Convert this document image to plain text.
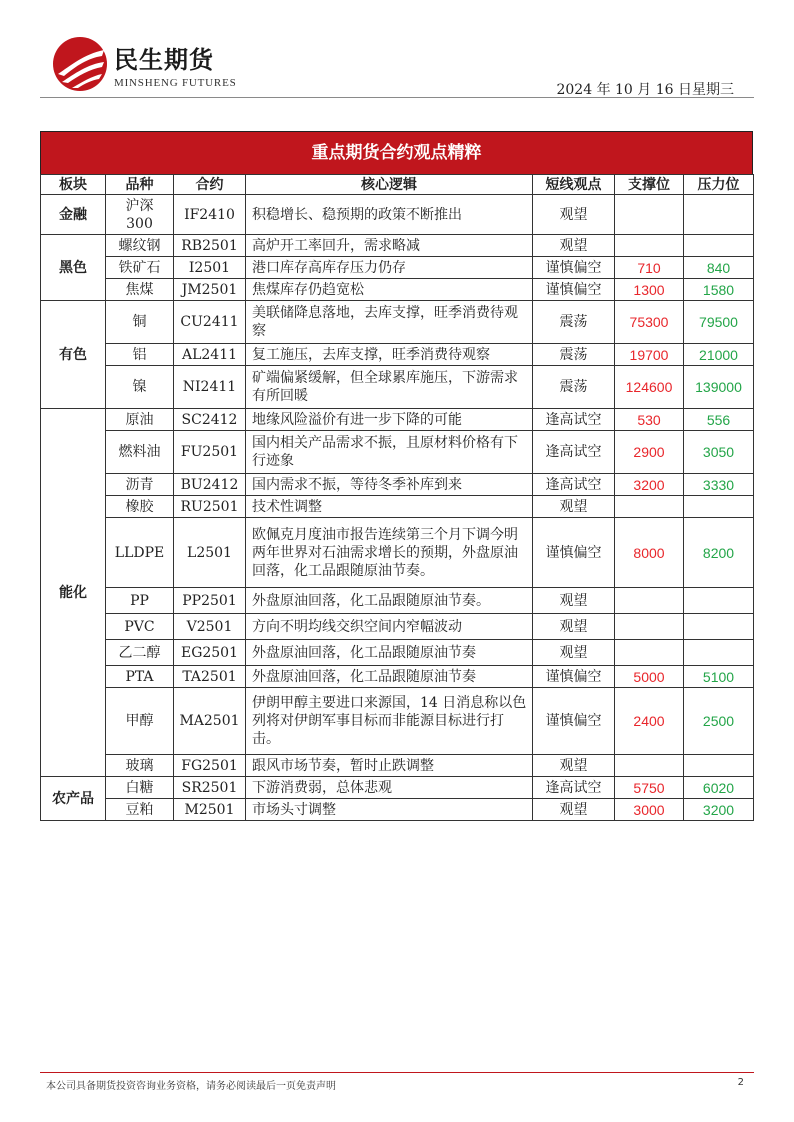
民生期货
MINSHENG FUTURES	2024 年 10 月 16 日星期三
重点期货合约观点精粹
板块	品种	合约	核心逻辑	短线观点	支撑位	压力位
金融	沪深 300	IF2410	积稳增长、稳预期的政策不断推出	观望		
黑色	螺纹钢	RB2501	高炉开工率回升，需求略减	观望		
	铁矿石	I2501	港口库存高库存压力仍存	谨慎偏空	710	840
	焦煤	JM2501	焦煤库存仍趋宽松	谨慎偏空	1300	1580
有色	铜	CU2411	美联储降息落地，去库支撑，旺季消费待观察	震荡	75300	79500
	铝	AL2411	复工施压，去库支撑，旺季消费待观察	震荡	19700	21000
	镍	NI2411	矿端偏紧缓解，但全球累库施压，下游需求有所回暖	震荡	124600	139000
能化	原油	SC2412	地缘风险溢价有进一步下降的可能	逢高试空	530	556
	燃料油	FU2501	国内相关产品需求不振，且原材料价格有下行迹象	逢高试空	2900	3050
	沥青	BU2412	国内需求不振，等待冬季补库到来	逢高试空	3200	3330
	橡胶	RU2501	技术性调整	观望		
	LLDPE	L2501	欧佩克月度油市报告连续第三个月下调今明两年世界对石油需求增长的预期，外盘原油回落，化工品跟随原油节奏。	谨慎偏空	8000	8200
	PP	PP2501	外盘原油回落，化工品跟随原油节奏。	观望		
	PVC	V2501	方向不明均线交织空间内窄幅波动	观望		
	乙二醇	EG2501	外盘原油回落，化工品跟随原油节奏	观望		
	PTA	TA2501	外盘原油回落，化工品跟随原油节奏	谨慎偏空	5000	5100
	甲醇	MA2501	伊朗甲醇主要进口来源国，14 日消息称以色列将对伊朗军事目标而非能源目标进行打击。	谨慎偏空	2400	2500
	玻璃	FG2501	跟风市场节奏，暂时止跌调整	观望		
农产品	白糖	SR2501	下游消费弱，总体悲观	逢高试空	5750	6020
	豆粕	M2501	市场头寸调整	观望	3000	3200
本公司具备期货投资咨询业务资格，请务必阅读最后一页免责声明	2
